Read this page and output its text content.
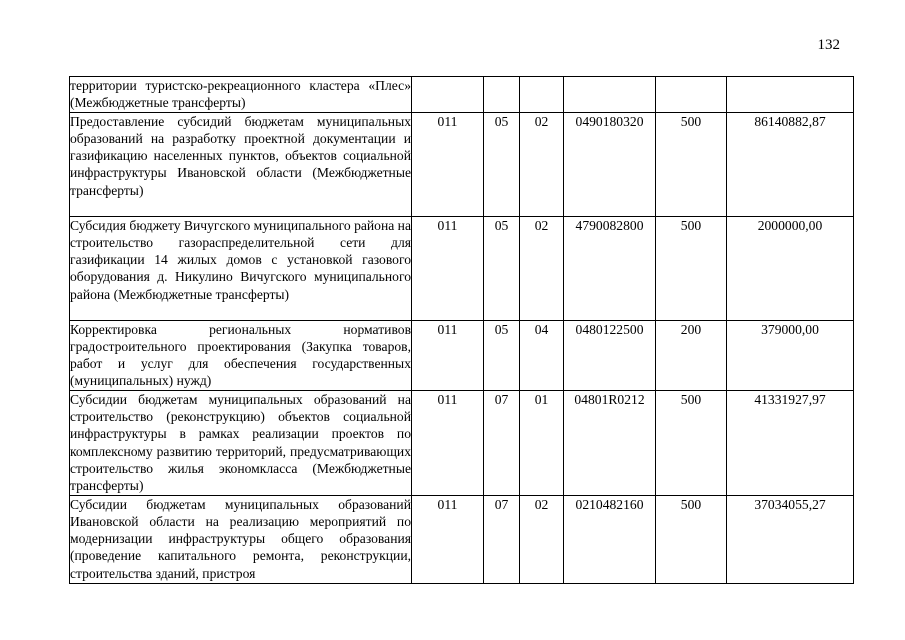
132
территории туристско-рекреационного кластера «Плес» (Межбюджетные трансферты)						
Предоставление субсидий бюджетам муниципальных образований на разработку проектной документации и газификацию населенных пунктов, объектов социальной инфраструктуры Ивановской области (Межбюджетные трансферты)	011	05	02	0490180320	500	86140882,87
Субсидия бюджету Вичугского муниципального района на строительство газораспределительной сети для газификации 14 жилых домов с установкой газового оборудования д. Никулино Вичугского муниципального района (Межбюджетные трансферты)	011	05	02	4790082800	500	2000000,00
Корректировка региональных нормативов градостроительного проектирования (Закупка товаров, работ и услуг для обеспечения государственных (муниципальных) нужд)	011	05	04	0480122500	200	379000,00
Субсидии бюджетам муниципальных образований на строительство (реконструкцию) объектов социальной инфраструктуры в рамках реализации проектов по комплексному развитию территорий, предусматривающих строительство жилья экономкласса (Межбюджетные трансферты)	011	07	01	04801R0212	500	41331927,97
Субсидии бюджетам муниципальных образований Ивановской области на реализацию мероприятий по модернизации инфраструктуры общего образования (проведение капитального ремонта, реконструкции, строительства зданий, пристроя	011	07	02	0210482160	500	37034055,27
